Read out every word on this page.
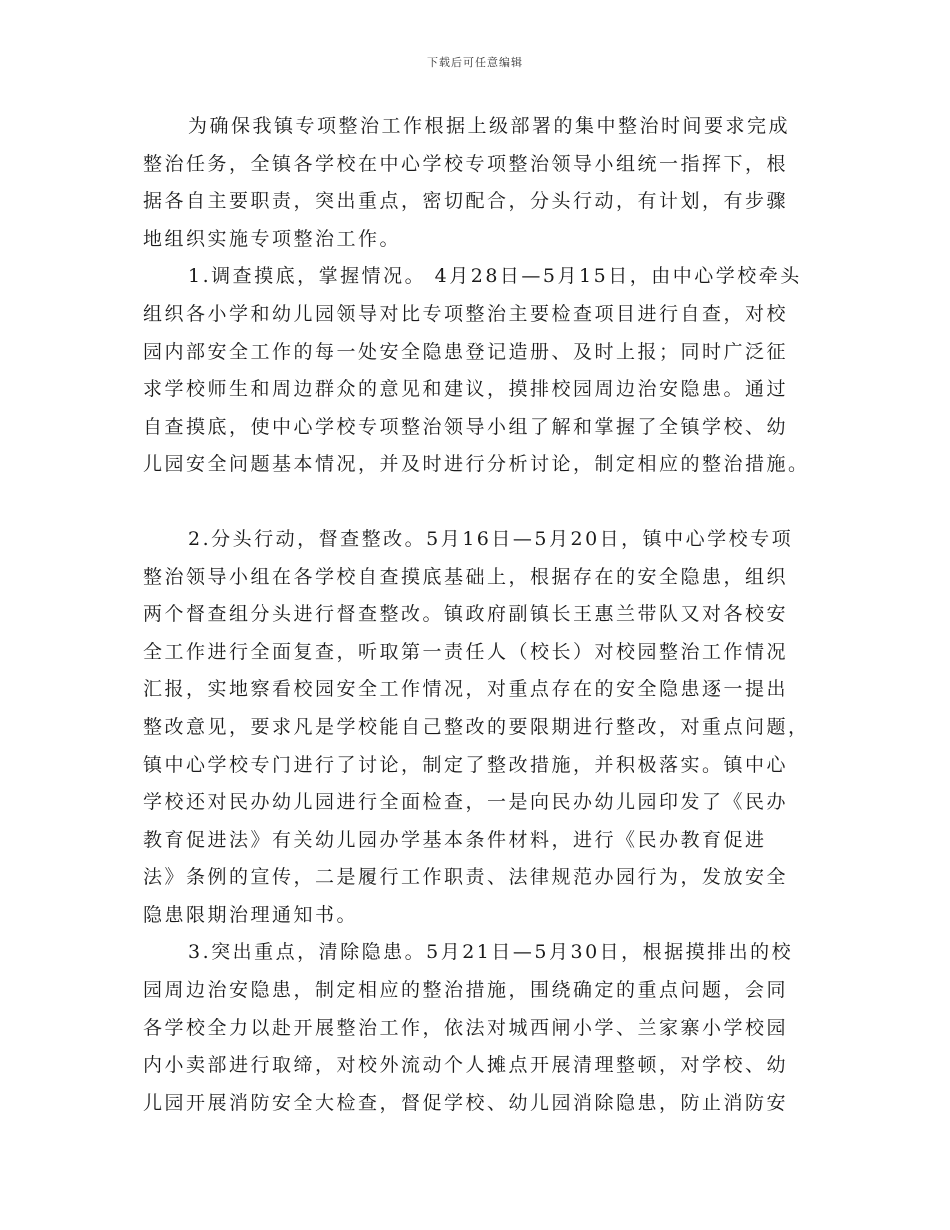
下载后可任意编辑

为确保我镇专项整治工作根据上级部署的集中整治时间要求完成
整治任务，全镇各学校在中心学校专项整治领导小组统一指挥下，根
据各自主要职责，突出重点，密切配合，分头行动，有计划，有步骤
地组织实施专项整治工作。

1.调查摸底，掌握情况。 4月28日—5月15日，由中心学校牵头
组织各小学和幼儿园领导对比专项整治主要检查项目进行自查，对校
园内部安全工作的每一处安全隐患登记造册、及时上报；同时广泛征
求学校师生和周边群众的意见和建议，摸排校园周边治安隐患。通过
自查摸底，使中心学校专项整治领导小组了解和掌握了全镇学校、幼
儿园安全问题基本情况，并及时进行分析讨论，制定相应的整治措施。

2.分头行动，督查整改。5月16日—5月20日，镇中心学校专项
整治领导小组在各学校自查摸底基础上，根据存在的安全隐患，组织
两个督查组分头进行督查整改。镇政府副镇长王惠兰带队又对各校安
全工作进行全面复查，听取第一责任人（校长）对校园整治工作情况
汇报，实地察看校园安全工作情况，对重点存在的安全隐患逐一提出
整改意见，要求凡是学校能自己整改的要限期进行整改，对重点问题，
镇中心学校专门进行了讨论，制定了整改措施，并积极落实。镇中心
学校还对民办幼儿园进行全面检查，一是向民办幼儿园印发了《民办
教育促进法》有关幼儿园办学基本条件材料，进行《民办教育促进
法》条例的宣传，二是履行工作职责、法律规范办园行为，发放安全
隐患限期治理通知书。

3.突出重点，清除隐患。5月21日—5月30日，根据摸排出的校
园周边治安隐患，制定相应的整治措施，围绕确定的重点问题，会同
各学校全力以赴开展整治工作，依法对城西闸小学、兰家寨小学校园
内小卖部进行取缔，对校外流动个人摊点开展清理整顿，对学校、幼
儿园开展消防安全大检查，督促学校、幼儿园消除隐患，防止消防安
